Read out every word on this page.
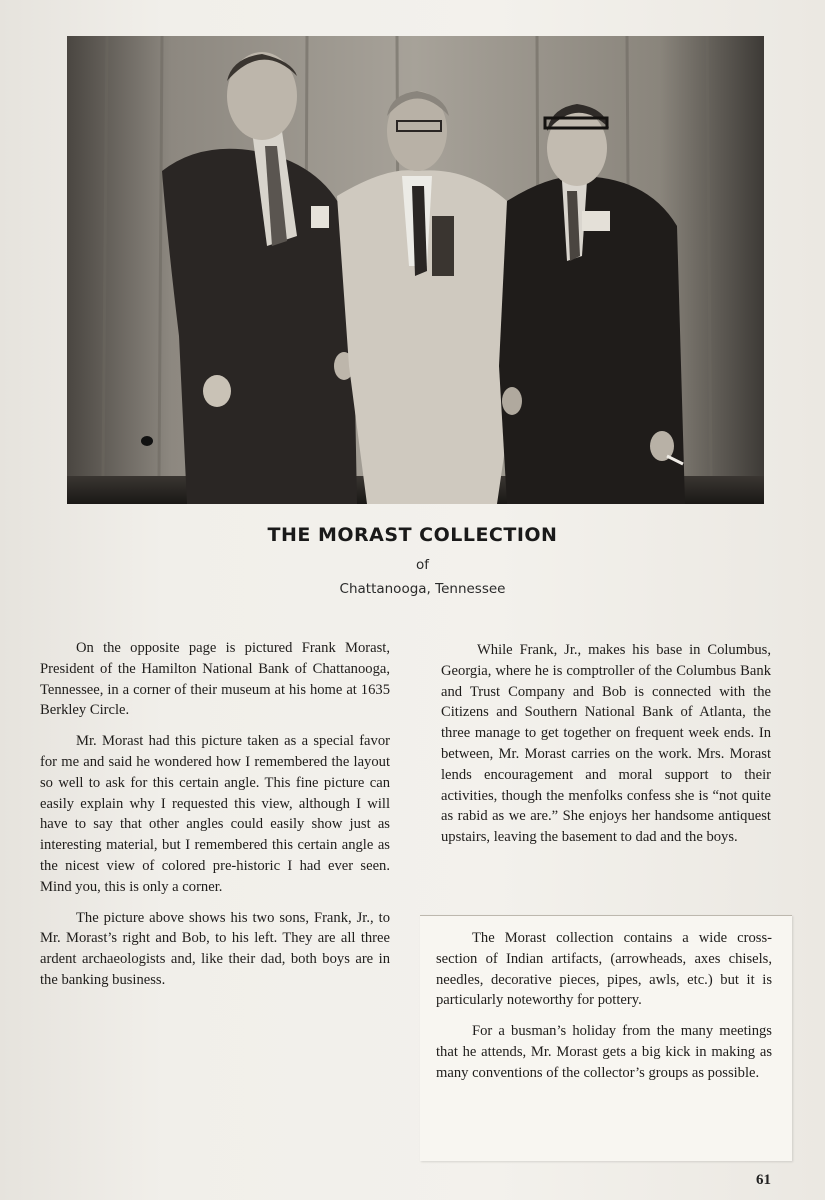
THE MORAST COLLECTION
of
Chattanooga, Tennessee

On the opposite page is pictured Frank Morast, President of the Hamilton National Bank of Chattanooga, Tennessee, in a corner of their museum at his home at 1635 Berkley Circle.

Mr. Morast had this picture taken as a special favor for me and said he wondered how I remembered the layout so well to ask for this certain angle. This fine picture can easily explain why I requested this view, although I will have to say that other angles could easily show just as interesting material, but I remembered this certain angle as the nicest view of colored pre-historic I had ever seen. Mind you, this is only a corner.

The picture above shows his two sons, Frank, Jr., to Mr. Morast’s right and Bob, to his left. They are all three ardent archaeologists and, like their dad, both boys are in the banking business.

While Frank, Jr., makes his base in Columbus, Georgia, where he is comptroller of the Columbus Bank and Trust Company and Bob is connected with the Citizens and Southern National Bank of Atlanta, the three manage to get together on frequent week ends. In between, Mr. Morast carries on the work. Mrs. Morast lends encouragement and moral support to their activities, though the menfolks confess she is “not quite as rabid as we are.” She enjoys her handsome antiquest upstairs, leaving the basement to dad and the boys.

The Morast collection contains a wide cross-section of Indian artifacts, (arrowheads, axes chisels, needles, decorative pieces, pipes, awls, etc.) but it is particularly noteworthy for pottery.

For a busman’s holiday from the many meetings that he attends, Mr. Morast gets a big kick in making as many conventions of the collector’s groups as possible.

61
